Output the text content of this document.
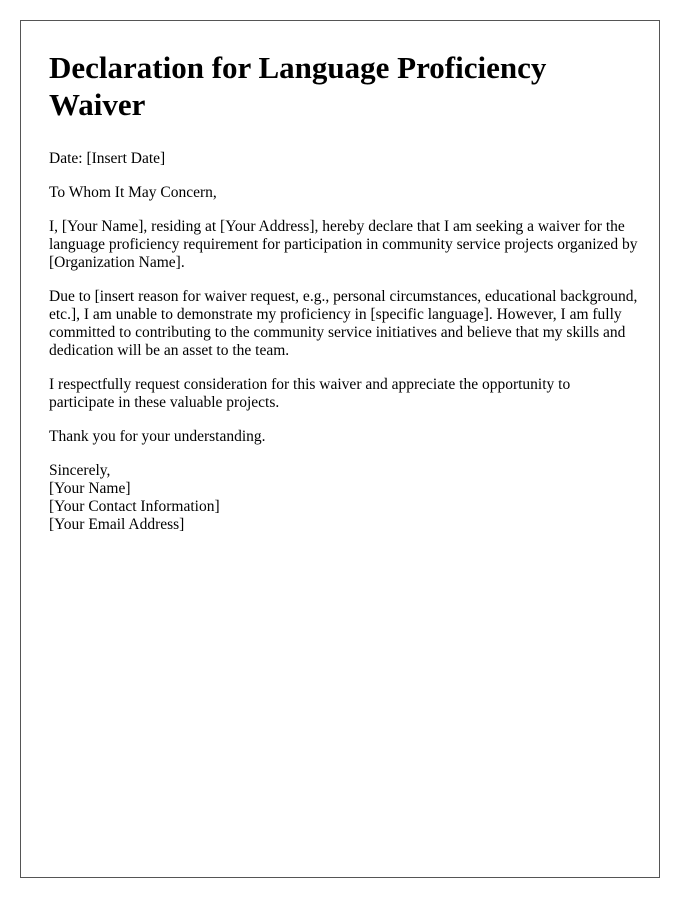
Declaration for Language Proficiency Waiver

Date: [Insert Date]

To Whom It May Concern,

I, [Your Name], residing at [Your Address], hereby declare that I am seeking a waiver for the language proficiency requirement for participation in community service projects organized by [Organization Name].

Due to [insert reason for waiver request, e.g., personal circumstances, educational background, etc.], I am unable to demonstrate my proficiency in [specific language]. However, I am fully committed to contributing to the community service initiatives and believe that my skills and dedication will be an asset to the team.

I respectfully request consideration for this waiver and appreciate the opportunity to participate in these valuable projects.

Thank you for your understanding.

Sincerely,
[Your Name]
[Your Contact Information]
[Your Email Address]
